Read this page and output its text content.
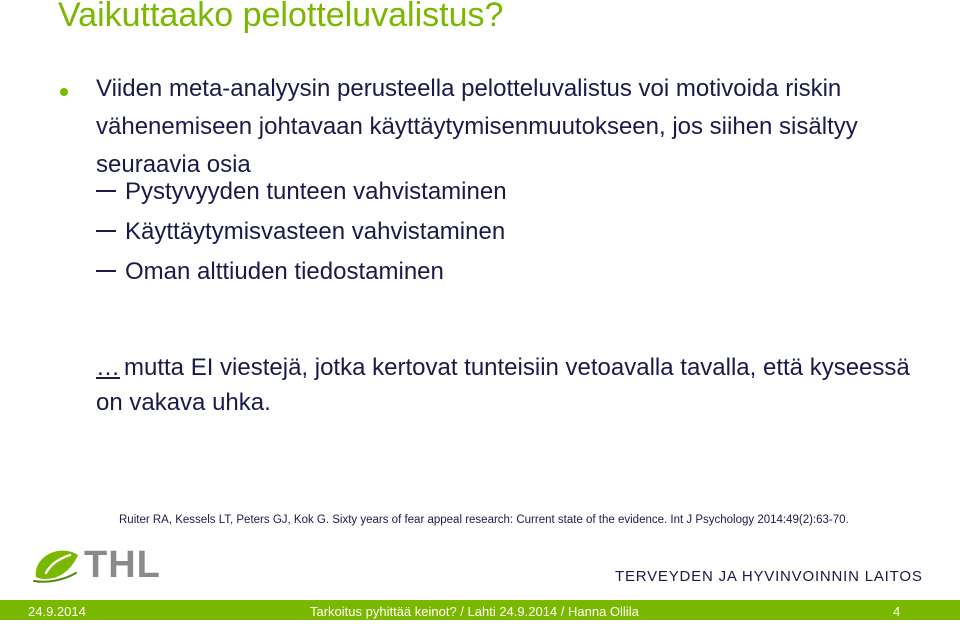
Vaikuttaako pelotteluvalistus?
Viiden meta-analyysin perusteella pelotteluvalistus voi motivoida riskin vähenemiseen johtavaan käyttäytymisenmuutokseen, jos siihen sisältyy seuraavia osia
Pystyvyyden tunteen vahvistaminen
Käyttäytymisvasteen vahvistaminen
Oman alttiuden tiedostaminen
… mutta EI viestejä, jotka kertovat tunteisiin vetoavalla tavalla, että kyseessä on vakava uhka.
Ruiter RA, Kessels LT, Peters GJ, Kok G. Sixty years of fear appeal research: Current state of the evidence. Int J Psychology 2014:49(2):63-70.
THL	TERVEYDEN JA HYVINVOINNIN LAITOS
24.9.2014	Tarkoitus pyhittää keinot? / Lahti 24.9.2014 / Hanna Ollila	4
